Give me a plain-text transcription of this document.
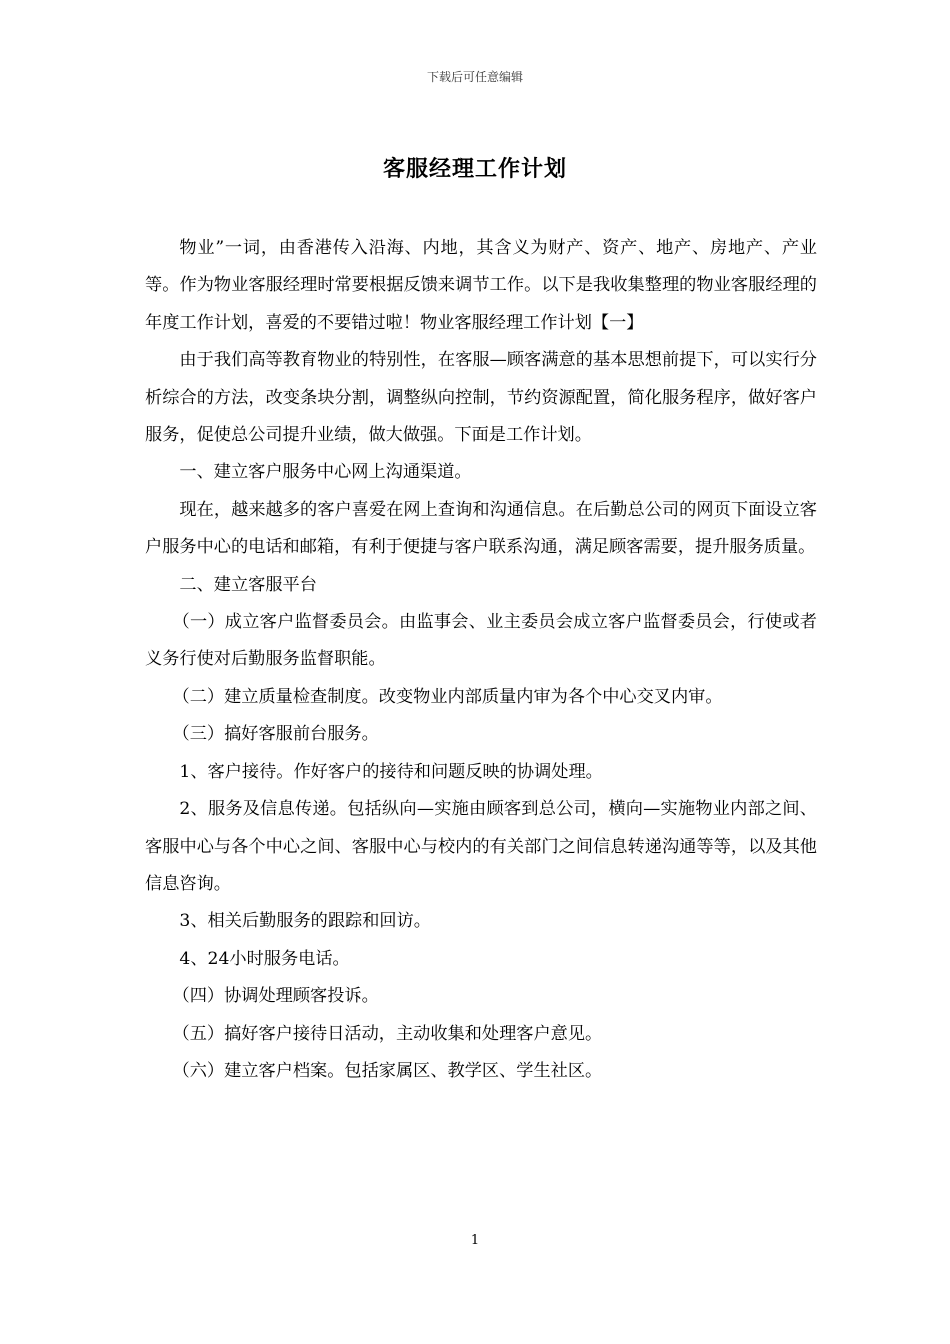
下载后可任意编辑
客服经理工作计划

物业”一词，由香港传入沿海、内地，其含义为财产、资产、地产、房地产、产业等。作为物业客服经理时常要根据反馈来调节工作。以下是我收集整理的物业客服经理的年度工作计划，喜爱的不要错过啦！物业客服经理工作计划【一】

由于我们高等教育物业的特别性，在客服—顾客满意的基本思想前提下，可以实行分析综合的方法，改变条块分割，调整纵向控制，节约资源配置，简化服务程序，做好客户服务，促使总公司提升业绩，做大做强。下面是工作计划。

一、建立客户服务中心网上沟通渠道。

现在，越来越多的客户喜爱在网上查询和沟通信息。在后勤总公司的网页下面设立客户服务中心的电话和邮箱，有利于便捷与客户联系沟通，满足顾客需要，提升服务质量。

二、建立客服平台

（一）成立客户监督委员会。由监事会、业主委员会成立客户监督委员会，行使或者义务行使对后勤服务监督职能。

（二）建立质量检查制度。改变物业内部质量内审为各个中心交叉内审。

（三）搞好客服前台服务。

1、客户接待。作好客户的接待和问题反映的协调处理。

2、服务及信息传递。包括纵向—实施由顾客到总公司，横向—实施物业内部之间、客服中心与各个中心之间、客服中心与校内的有关部门之间信息转递沟通等等，以及其他信息咨询。

3、相关后勤服务的跟踪和回访。

4、24小时服务电话。

（四）协调处理顾客投诉。

（五）搞好客户接待日活动，主动收集和处理客户意见。

（六）建立客户档案。包括家属区、教学区、学生社区。

1
